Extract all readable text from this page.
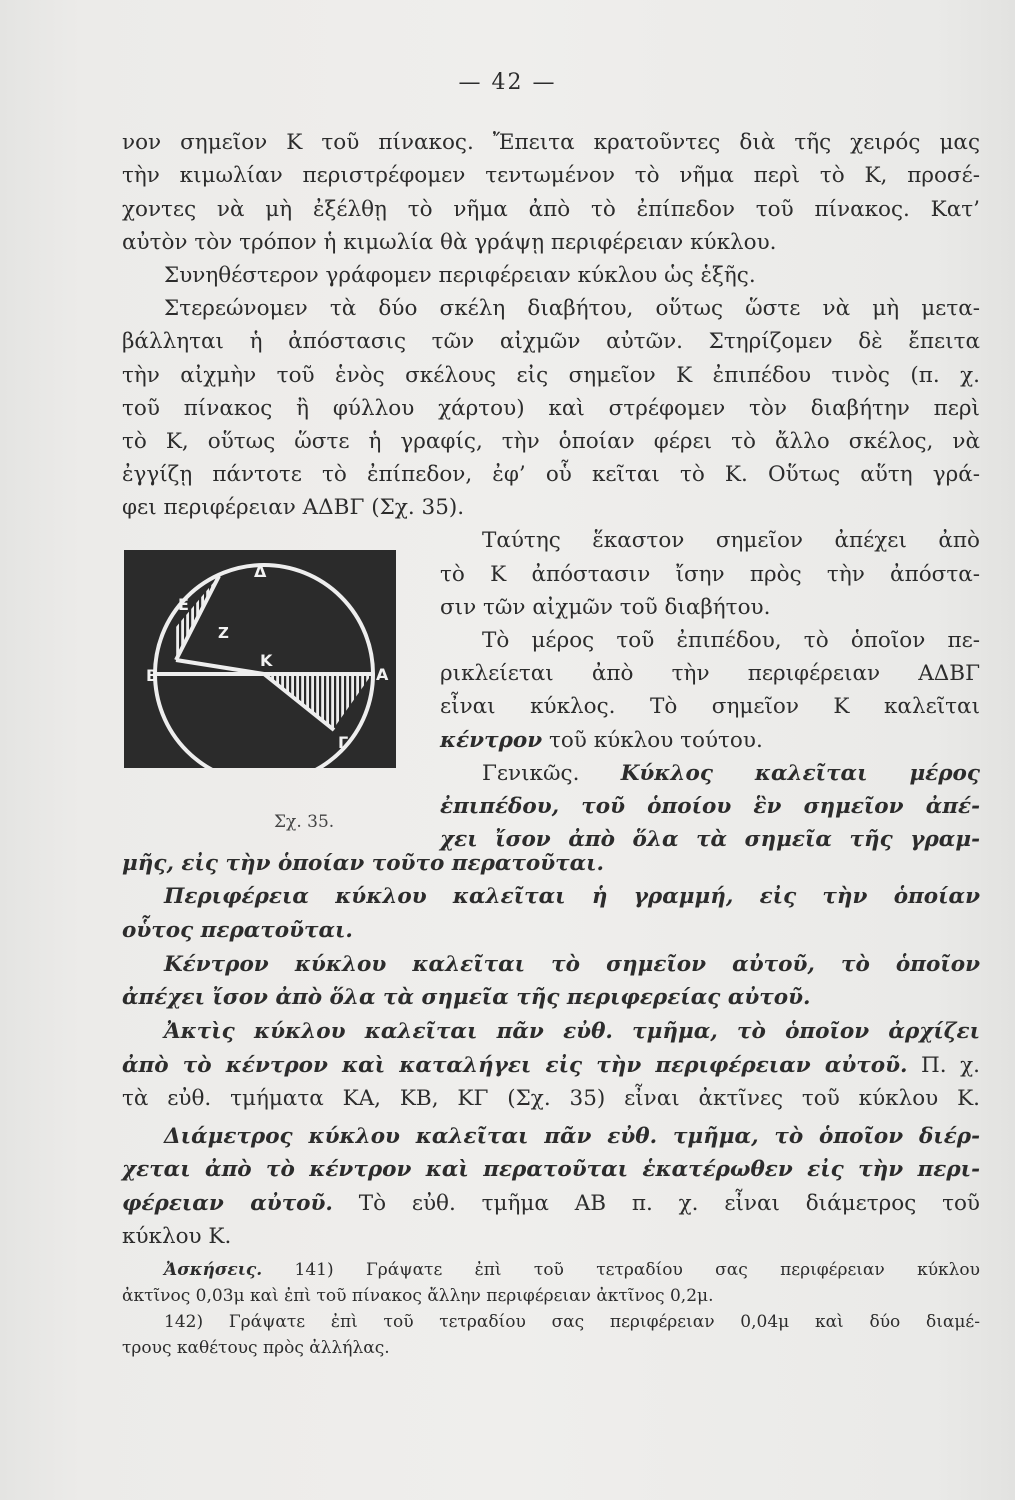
— 42 —
νον σημεῖον Κ τοῦ πίνακος. Ἔπειτα κρατοῦντες διὰ τῆς χειρός μας
τὴν κιμωλίαν περιστρέφομεν τεντωμένον τὸ νῆμα περὶ τὸ Κ, προσέ-
χοντες νὰ μὴ ἐξέλθῃ τὸ νῆμα ἀπὸ τὸ ἐπίπεδον τοῦ πίνακος. Κατ’
αὐτὸν τὸν τρόπον ἡ κιμωλία θὰ γράψῃ περιφέρειαν κύκλου.
Συνηθέστερον γράφομεν περιφέρειαν κύκλου ὡς ἑξῆς.
Στερεώνομεν τὰ δύο σκέλη διαβήτου, οὕτως ὥστε νὰ μὴ μετα-
βάλληται ἡ ἀπόστασις τῶν αἰχμῶν αὐτῶν. Στηρίζομεν δὲ ἔπειτα
τὴν αἰχμὴν τοῦ ἑνὸς σκέλους εἰς σημεῖον Κ ἐπιπέδου τινὸς (π. χ.
τοῦ πίνακος ἢ φύλλου χάρτου) καὶ στρέφομεν τὸν διαβήτην περὶ
τὸ Κ, οὕτως ὥστε ἡ γραφίς, τὴν ὁποίαν φέρει τὸ ἄλλο σκέλος, νὰ
ἐγγίζῃ πάντοτε τὸ ἐπίπεδον, ἐφ’ οὗ κεῖται τὸ Κ. Οὕτως αὕτη γρά-
φει περιφέρειαν ΑΔΒΓ (Σχ. 35).
Ταύτης ἕκαστον σημεῖον ἀπέχει ἀπὸ
τὸ Κ ἀπόστασιν ἴσην πρὸς τὴν ἀπόστα-
σιν τῶν αἰχμῶν τοῦ διαβήτου.
Τὸ μέρος τοῦ ἐπιπέδου, τὸ ὁποῖον πε-
ρικλείεται ἀπὸ τὴν περιφέρειαν ΑΔΒΓ
εἶναι κύκλος. Τὸ σημεῖον Κ καλεῖται
κέντρον τοῦ κύκλου τούτου.
Γενικῶς. Κύκλος καλεῖται μέρος
ἐπιπέδου, τοῦ ὁποίου ἓν σημεῖον ἀπέ-
χει ἴσον ἀπὸ ὅλα τὰ σημεῖα τῆς γραμ-
Σχ. 35.
Δ
Ε
Ζ
Β
Κ
Α
Γ
μῆς, εἰς τὴν ὁποίαν τοῦτο περατοῦται.
Περιφέρεια κύκλου καλεῖται ἡ γραμμή, εἰς τὴν ὁποίαν
οὗτος περατοῦται.
Κέντρον κύκλου καλεῖται τὸ σημεῖον αὐτοῦ, τὸ ὁποῖον
ἀπέχει ἴσον ἀπὸ ὅλα τὰ σημεῖα τῆς περιφερείας αὐτοῦ.
Ἀκτὶς κύκλου καλεῖται πᾶν εὐθ. τμῆμα, τὸ ὁποῖον ἀρχίζει
ἀπὸ τὸ κέντρον καὶ καταλήγει εἰς τὴν περιφέρειαν αὐτοῦ. Π. χ.
τὰ εὐθ. τμήματα ΚΑ, ΚΒ, ΚΓ (Σχ. 35) εἶναι ἀκτῖνες τοῦ κύκλου Κ.
Διάμετρος κύκλου καλεῖται πᾶν εὐθ. τμῆμα, τὸ ὁποῖον διέρ-
χεται ἀπὸ τὸ κέντρον καὶ περατοῦται ἑκατέρωθεν εἰς τὴν περι-
φέρειαν αὐτοῦ. Τὸ εὐθ. τμῆμα ΑΒ π. χ. εἶναι διάμετρος τοῦ
κύκλου Κ.
Ἀσκήσεις. 141) Γράψατε ἐπὶ τοῦ τετραδίου σας περιφέρειαν κύκλου
ἀκτῖνος 0,03μ καὶ ἐπὶ τοῦ πίνακος ἄλλην περιφέρειαν ἀκτῖνος 0,2μ.
142) Γράψατε ἐπὶ τοῦ τετραδίου σας περιφέρειαν 0,04μ καὶ δύο διαμέ-
τρους καθέτους πρὸς ἀλλήλας.
